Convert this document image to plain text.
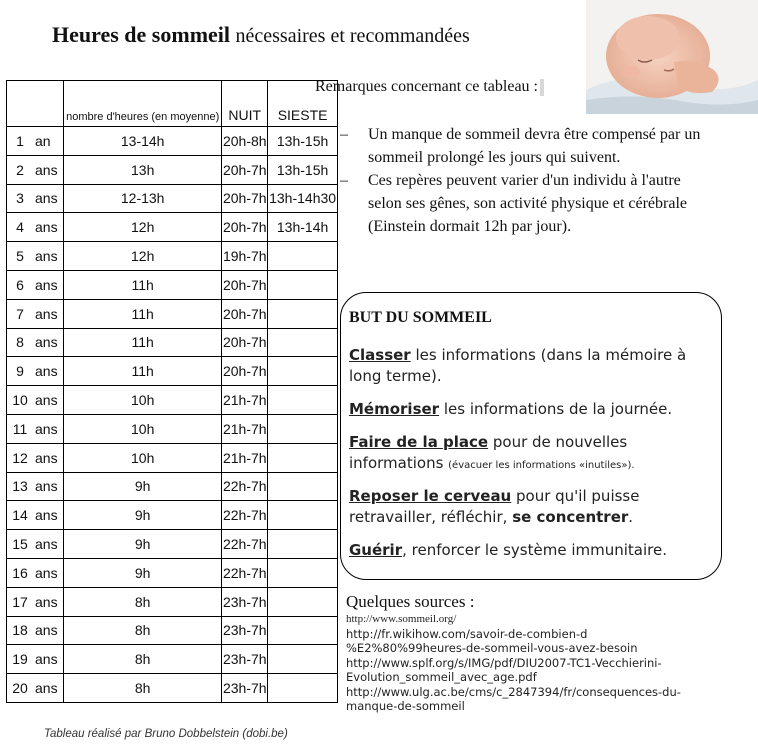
Heures de sommeil nécessaires et recommandées
	nombre d'heures (en moyenne)	NUIT	SIESTE
1 an	13-14h	20h-8h	13h-15h
2 ans	13h	20h-7h	13h-15h
3 ans	12-13h	20h-7h	13h-14h30
4 ans	12h	20h-7h	13h-14h
5 ans	12h	19h-7h	
6 ans	11h	20h-7h	
7 ans	11h	20h-7h	
8 ans	11h	20h-7h	
9 ans	11h	20h-7h	
10 ans	10h	21h-7h	
11 ans	10h	21h-7h	
12 ans	10h	21h-7h	
13 ans	9h	22h-7h	
14 ans	9h	22h-7h	
15 ans	9h	22h-7h	
16 ans	9h	22h-7h	
17 ans	8h	23h-7h	
18 ans	8h	23h-7h	
19 ans	8h	23h-7h	
20 ans	8h	23h-7h	
Remarques concernant ce tableau :
– Un manque de sommeil devra être compensé par un sommeil prolongé les jours qui suivent.
– Ces repères peuvent varier d'un individu à l'autre selon ses gênes, son activité physique et cérébrale (Einstein dormait 12h par jour).
BUT DU SOMMEIL
Classer les informations (dans la mémoire à long terme).
Mémoriser les informations de la journée.
Faire de la place pour de nouvelles informations (évacuer les informations «inutiles»).
Reposer le cerveau pour qu'il puisse retravailler, réfléchir, se concentrer.
Guérir, renforcer le système immunitaire.
Quelques sources :
http://www.sommeil.org/
http://fr.wikihow.com/savoir-de-combien-d
%E2%80%99heures-de-sommeil-vous-avez-besoin
http://www.splf.org/s/IMG/pdf/DIU2007-TC1-Vecchierini-
Evolution_sommeil_avec_age.pdf
http://www.ulg.ac.be/cms/c_2847394/fr/consequences-du-
manque-de-sommeil
Tableau réalisé par Bruno Dobbelstein (dobi.be)
